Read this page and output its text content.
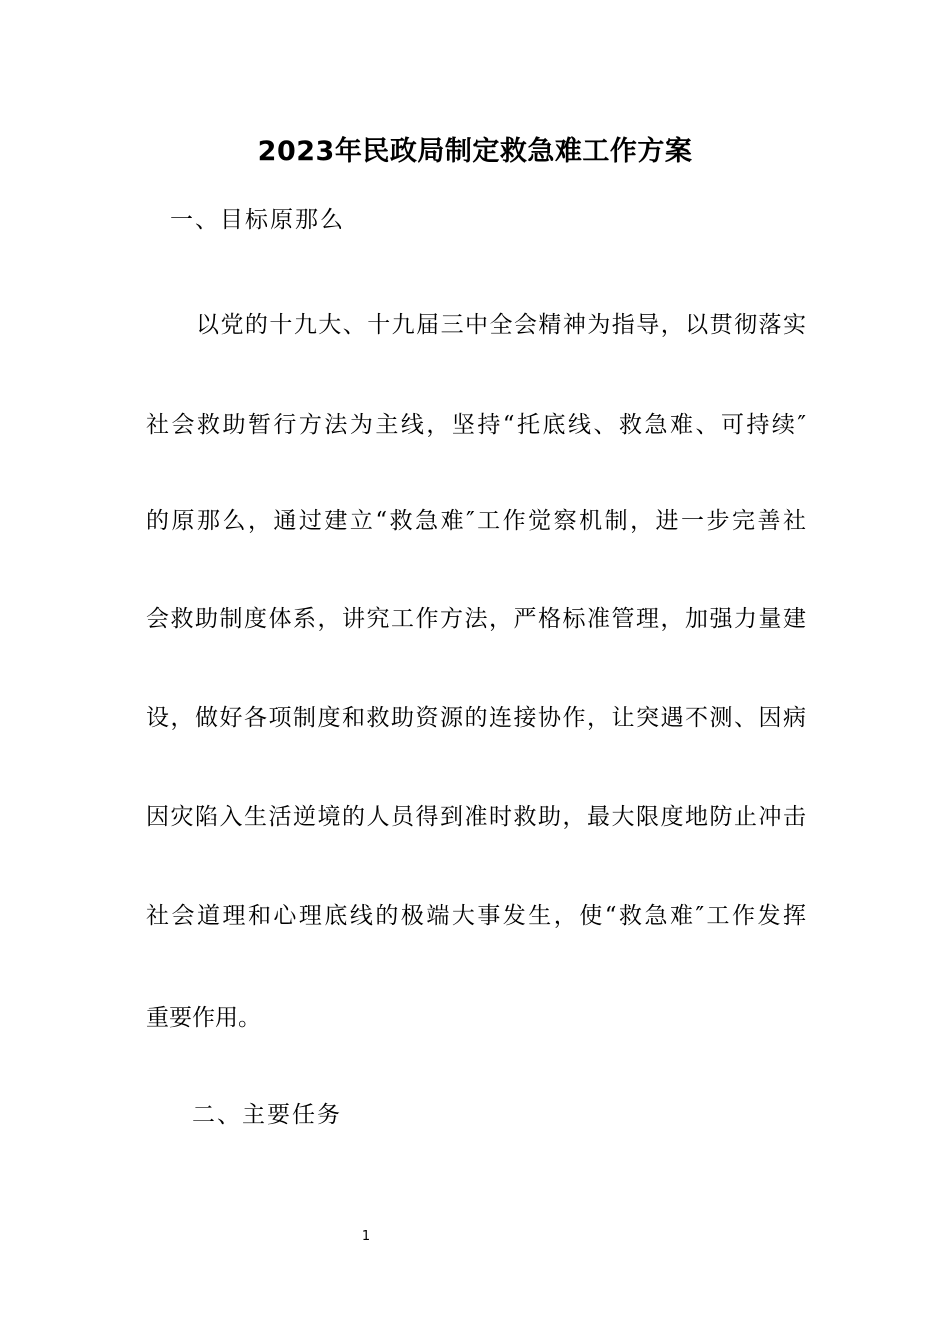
2023年民政局制定救急难工作方案
一、目标原那么
以党的十九大、十九届三中全会精神为指导，以贯彻落实
社会救助暂行方法为主线，坚持“托底线、救急难、可持续″
的原那么，通过建立“救急难″工作觉察机制，进一步完善社
会救助制度体系，讲究工作方法，严格标准管理，加强力量建
设，做好各项制度和救助资源的连接协作，让突遇不测、因病
因灾陷入生活逆境的人员得到准时救助，最大限度地防止冲击
社会道理和心理底线的极端大事发生，使“救急难″工作发挥
重要作用。
二、主要任务
1
